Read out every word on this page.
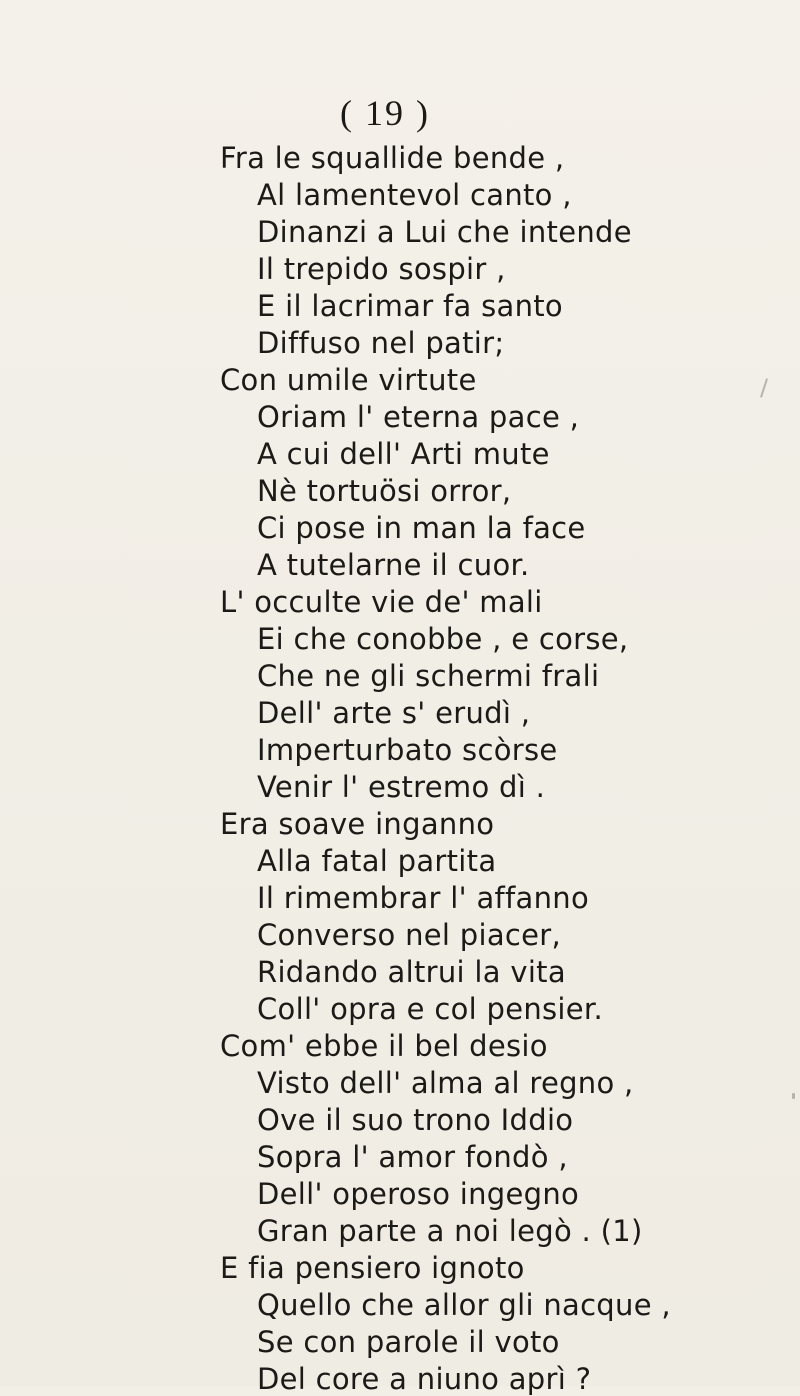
( 19 )
Fra le squallide bende ,
Al lamentevol canto ,
Dinanzi a Lui che intende
Il trepido sospir ,
E il lacrimar fa santo
Diffuso nel patir;
Con umile virtute
Oriam l' eterna pace ,
A cui dell' Arti mute
Nè tortuösi orror,
Ci pose in man la face
A tutelarne il cuor.
L' occulte vie de' mali
Ei che conobbe , e corse,
Che ne gli schermi frali
Dell' arte s' erudì ,
Imperturbato scòrse
Venir l' estremo dì .
Era soave inganno
Alla fatal partita
Il rimembrar l' affanno
Converso nel piacer,
Ridando altrui la vita
Coll' opra e col pensier.
Com' ebbe il bel desio
Visto dell' alma al regno ,
Ove il suo trono Iddio
Sopra l' amor fondò ,
Dell' operoso ingegno
Gran parte a noi legò . (1)
E fia pensiero ignoto
Quello che allor gli nacque ,
Se con parole il voto
Del core a niuno aprì ?
